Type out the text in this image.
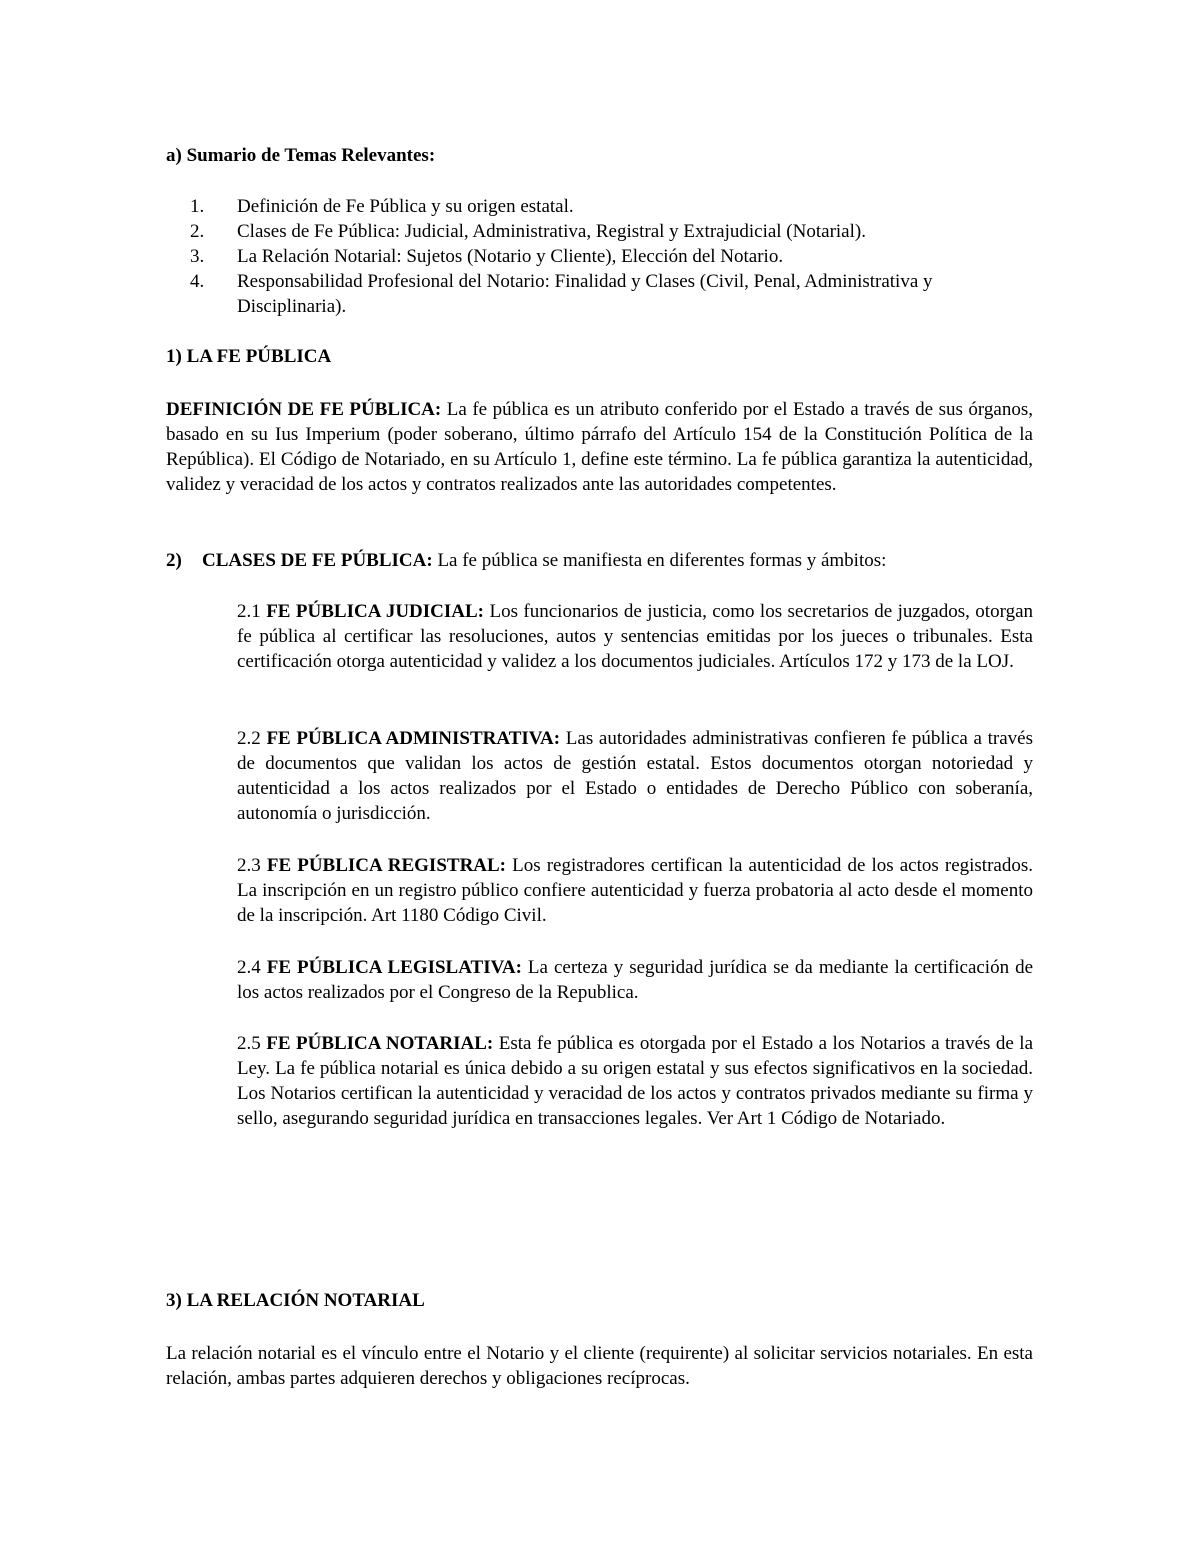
a) Sumario de Temas Relevantes:
1. Definición de Fe Pública y su origen estatal.
2. Clases de Fe Pública: Judicial, Administrativa, Registral y Extrajudicial (Notarial).
3. La Relación Notarial: Sujetos (Notario y Cliente), Elección del Notario.
4. Responsabilidad Profesional del Notario: Finalidad y Clases (Civil, Penal, Administrativa y Disciplinaria).
1) LA FE PÚBLICA
DEFINICIÓN DE FE PÚBLICA: La fe pública es un atributo conferido por el Estado a través de sus órganos, basado en su Ius Imperium (poder soberano, último párrafo del Artículo 154 de la Constitución Política de la República). El Código de Notariado, en su Artículo 1, define este término. La fe pública garantiza la autenticidad, validez y veracidad de los actos y contratos realizados ante las autoridades competentes.
2) CLASES DE FE PÚBLICA: La fe pública se manifiesta en diferentes formas y ámbitos:
2.1 FE PÚBLICA JUDICIAL: Los funcionarios de justicia, como los secretarios de juzgados, otorgan fe pública al certificar las resoluciones, autos y sentencias emitidas por los jueces o tribunales. Esta certificación otorga autenticidad y validez a los documentos judiciales. Artículos 172 y 173 de la LOJ.
2.2 FE PÚBLICA ADMINISTRATIVA: Las autoridades administrativas confieren fe pública a través de documentos que validan los actos de gestión estatal. Estos documentos otorgan notoriedad y autenticidad a los actos realizados por el Estado o entidades de Derecho Público con soberanía, autonomía o jurisdicción.
2.3 FE PÚBLICA REGISTRAL: Los registradores certifican la autenticidad de los actos registrados. La inscripción en un registro público confiere autenticidad y fuerza probatoria al acto desde el momento de la inscripción. Art 1180 Código Civil.
2.4 FE PÚBLICA LEGISLATIVA: La certeza y seguridad jurídica se da mediante la certificación de los actos realizados por el Congreso de la Republica.
2.5 FE PÚBLICA NOTARIAL: Esta fe pública es otorgada por el Estado a los Notarios a través de la Ley. La fe pública notarial es única debido a su origen estatal y sus efectos significativos en la sociedad. Los Notarios certifican la autenticidad y veracidad de los actos y contratos privados mediante su firma y sello, asegurando seguridad jurídica en transacciones legales. Ver Art 1 Código de Notariado.
3) LA RELACIÓN NOTARIAL
La relación notarial es el vínculo entre el Notario y el cliente (requirente) al solicitar servicios notariales. En esta relación, ambas partes adquieren derechos y obligaciones recíprocas.
